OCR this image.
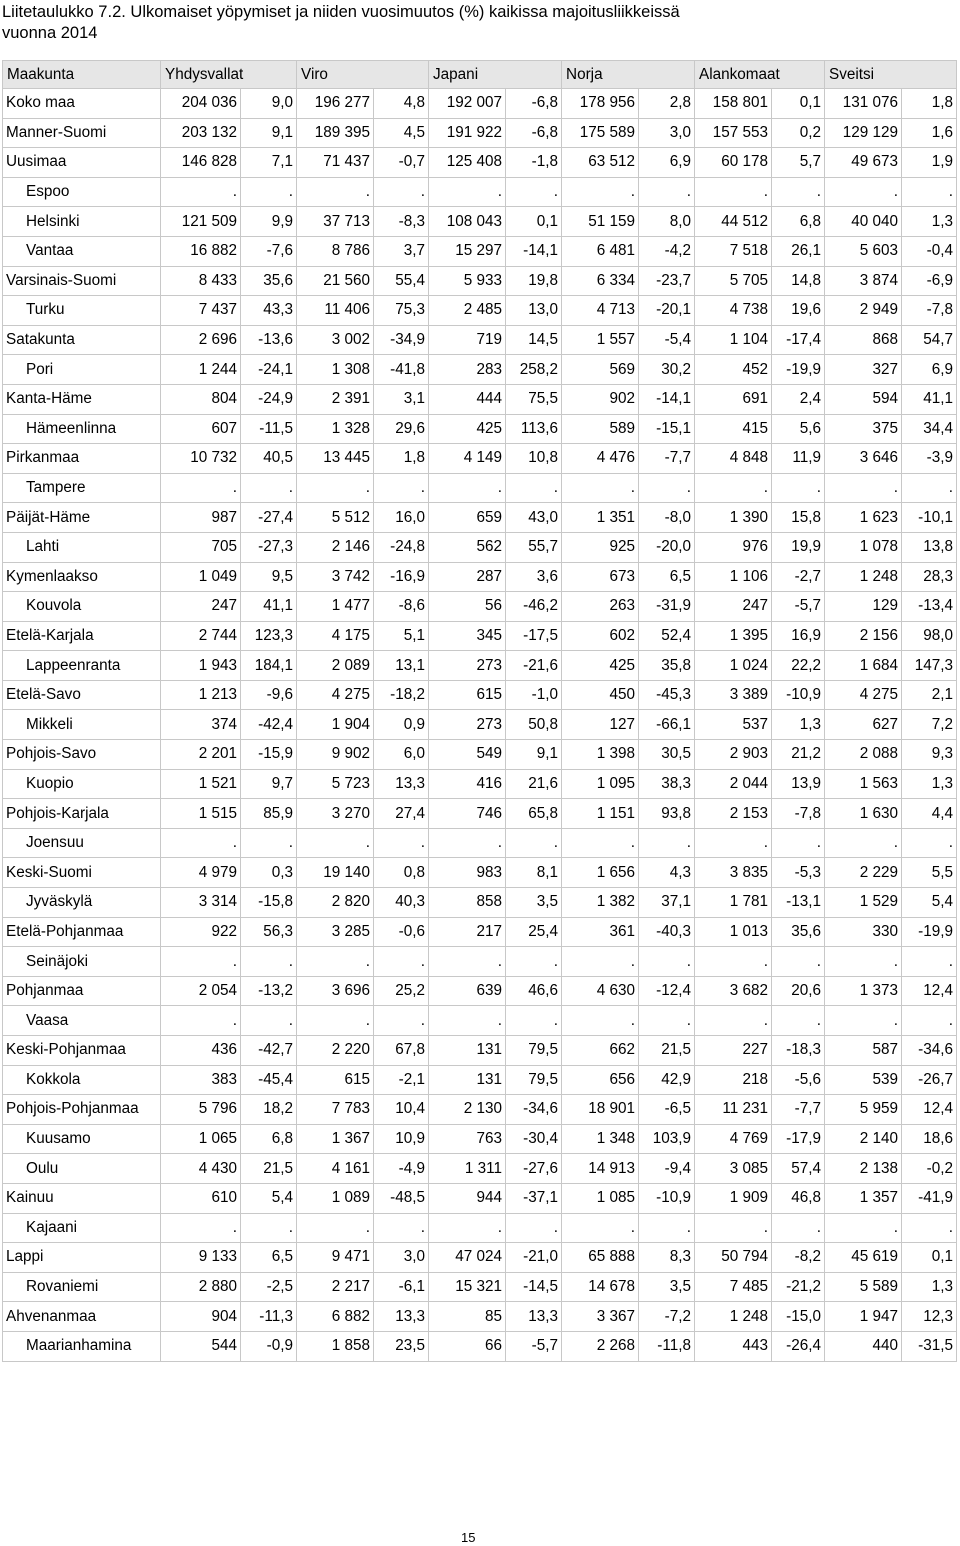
Liitetaulukko 7.2. Ulkomaiset yöpymiset ja niiden vuosimuutos (%) kaikissa majoitusliikkeissä
vuonna 2014
Maakunta	Yhdysvallat		Viro		Japani		Norja		Alankomaat		Sveitsi	
Koko maa	204 036	9,0	196 277	4,8	192 007	-6,8	178 956	2,8	158 801	0,1	131 076	1,8
Manner-Suomi	203 132	9,1	189 395	4,5	191 922	-6,8	175 589	3,0	157 553	0,2	129 129	1,6
Uusimaa	146 828	7,1	71 437	-0,7	125 408	-1,8	63 512	6,9	60 178	5,7	49 673	1,9
Espoo	.	.	.	.	.	.	.	.	.	.	.	.
Helsinki	121 509	9,9	37 713	-8,3	108 043	0,1	51 159	8,0	44 512	6,8	40 040	1,3
Vantaa	16 882	-7,6	8 786	3,7	15 297	-14,1	6 481	-4,2	7 518	26,1	5 603	-0,4
Varsinais-Suomi	8 433	35,6	21 560	55,4	5 933	19,8	6 334	-23,7	5 705	14,8	3 874	-6,9
Turku	7 437	43,3	11 406	75,3	2 485	13,0	4 713	-20,1	4 738	19,6	2 949	-7,8
Satakunta	2 696	-13,6	3 002	-34,9	719	14,5	1 557	-5,4	1 104	-17,4	868	54,7
Pori	1 244	-24,1	1 308	-41,8	283	258,2	569	30,2	452	-19,9	327	6,9
Kanta-Häme	804	-24,9	2 391	3,1	444	75,5	902	-14,1	691	2,4	594	41,1
Hämeenlinna	607	-11,5	1 328	29,6	425	113,6	589	-15,1	415	5,6	375	34,4
Pirkanmaa	10 732	40,5	13 445	1,8	4 149	10,8	4 476	-7,7	4 848	11,9	3 646	-3,9
Tampere	.	.	.	.	.	.	.	.	.	.	.	.
Päijät-Häme	987	-27,4	5 512	16,0	659	43,0	1 351	-8,0	1 390	15,8	1 623	-10,1
Lahti	705	-27,3	2 146	-24,8	562	55,7	925	-20,0	976	19,9	1 078	13,8
Kymenlaakso	1 049	9,5	3 742	-16,9	287	3,6	673	6,5	1 106	-2,7	1 248	28,3
Kouvola	247	41,1	1 477	-8,6	56	-46,2	263	-31,9	247	-5,7	129	-13,4
Etelä-Karjala	2 744	123,3	4 175	5,1	345	-17,5	602	52,4	1 395	16,9	2 156	98,0
Lappeenranta	1 943	184,1	2 089	13,1	273	-21,6	425	35,8	1 024	22,2	1 684	147,3
Etelä-Savo	1 213	-9,6	4 275	-18,2	615	-1,0	450	-45,3	3 389	-10,9	4 275	2,1
Mikkeli	374	-42,4	1 904	0,9	273	50,8	127	-66,1	537	1,3	627	7,2
Pohjois-Savo	2 201	-15,9	9 902	6,0	549	9,1	1 398	30,5	2 903	21,2	2 088	9,3
Kuopio	1 521	9,7	5 723	13,3	416	21,6	1 095	38,3	2 044	13,9	1 563	1,3
Pohjois-Karjala	1 515	85,9	3 270	27,4	746	65,8	1 151	93,8	2 153	-7,8	1 630	4,4
Joensuu	.	.	.	.	.	.	.	.	.	.	.	.
Keski-Suomi	4 979	0,3	19 140	0,8	983	8,1	1 656	4,3	3 835	-5,3	2 229	5,5
Jyväskylä	3 314	-15,8	2 820	40,3	858	3,5	1 382	37,1	1 781	-13,1	1 529	5,4
Etelä-Pohjanmaa	922	56,3	3 285	-0,6	217	25,4	361	-40,3	1 013	35,6	330	-19,9
Seinäjoki	.	.	.	.	.	.	.	.	.	.	.	.
Pohjanmaa	2 054	-13,2	3 696	25,2	639	46,6	4 630	-12,4	3 682	20,6	1 373	12,4
Vaasa	.	.	.	.	.	.	.	.	.	.	.	.
Keski-Pohjanmaa	436	-42,7	2 220	67,8	131	79,5	662	21,5	227	-18,3	587	-34,6
Kokkola	383	-45,4	615	-2,1	131	79,5	656	42,9	218	-5,6	539	-26,7
Pohjois-Pohjanmaa	5 796	18,2	7 783	10,4	2 130	-34,6	18 901	-6,5	11 231	-7,7	5 959	12,4
Kuusamo	1 065	6,8	1 367	10,9	763	-30,4	1 348	103,9	4 769	-17,9	2 140	18,6
Oulu	4 430	21,5	4 161	-4,9	1 311	-27,6	14 913	-9,4	3 085	57,4	2 138	-0,2
Kainuu	610	5,4	1 089	-48,5	944	-37,1	1 085	-10,9	1 909	46,8	1 357	-41,9
Kajaani	.	.	.	.	.	.	.	.	.	.	.	.
Lappi	9 133	6,5	9 471	3,0	47 024	-21,0	65 888	8,3	50 794	-8,2	45 619	0,1
Rovaniemi	2 880	-2,5	2 217	-6,1	15 321	-14,5	14 678	3,5	7 485	-21,2	5 589	1,3
Ahvenanmaa	904	-11,3	6 882	13,3	85	13,3	3 367	-7,2	1 248	-15,0	1 947	12,3
Maarianhamina	544	-0,9	1 858	23,5	66	-5,7	2 268	-11,8	443	-26,4	440	-31,5
15
